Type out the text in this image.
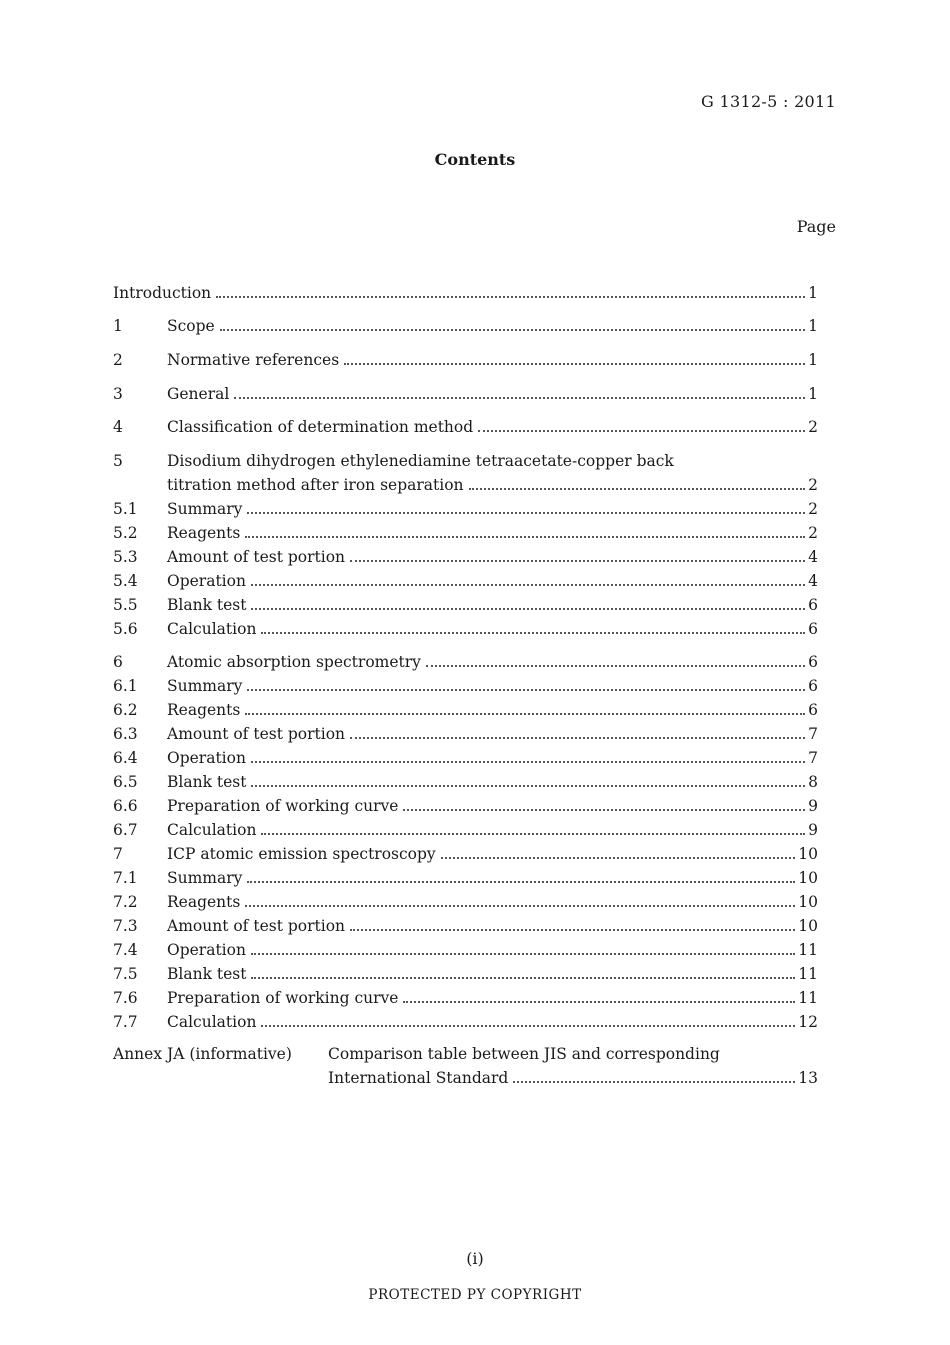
G 1312-5 : 2011
Contents
Page
Introduction	1
1	Scope	1
2	Normative references	1
3	General	1
4	Classification of determination method	2
5	Disodium dihydrogen ethylenediamine tetraacetate-copper back
titration method after iron separation	2
5.1 Summary	2
5.2 Reagents	2
5.3 Amount of test portion	4
5.4 Operation	4
5.5 Blank test	6
5.6 Calculation	6
6	Atomic absorption spectrometry	6
6.1 Summary	6
6.2 Reagents	6
6.3 Amount of test portion	7
6.4 Operation	7
6.5 Blank test	8
6.6 Preparation of working curve	9
6.7 Calculation	9
7	ICP atomic emission spectroscopy	10
7.1 Summary	10
7.2 Reagents	10
7.3 Amount of test portion	10
7.4 Operation	11
7.5 Blank test	11
7.6 Preparation of working curve	11
7.7 Calculation	12
Annex JA (informative) Comparison table between JIS and corresponding
International Standard	13
(i)
PROTECTED PY COPYRIGHT
